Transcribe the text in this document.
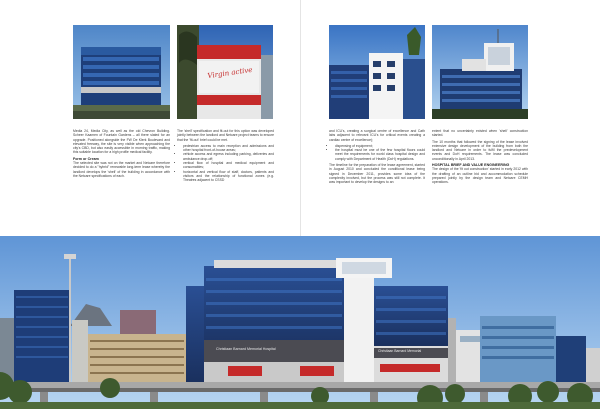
Virgin active

Media 24, Media City, as well as the old Chevron Building. Scheer Kaamen of Fountain Gardens – all there slated for an upgrade. Positioned alongside the FW De Klerk Boulevard and elevated freeway, the site is very visible when approaching the city's CBD, but also easily accessible in morning traffic, making this suitable location for a high profile medical facility.

Form or Cream

The selected site was not on the market and Netcare therefore decided to do a "hybrid" renewable long-term lease whereby the landlord develops the 'shell' of the building in accordance with the Netcare specifications of each.

The 'shell' specification and fit-out for this option was developed jointly between the landlord and Netcare project teams to ensure that the 'fit-out' brief could be met.

• pedestrian access to main reception and admissions and other hospital front-of-house areas;
• vehicle access and egress including parking, deliveries and ambulance drop-off;
• vertical flow of hospital and medical equipment and consumables;
• horizontal and vertical flow of staff, doctors, patients and visitors and the relationship of functional zones (e.g. Theatres adjacent to CSSD

and ICU's, creating a surgical centre of excellence and Cath labs adjacent to relevant ICU's for critical events creating a cardiac centre of excellence);

• dispensing of equipment;
• the hospital must be one of the few hospital floors could meet the requirements for world class hospital design and comply with Department of Health (DoH) regulations.

The timeline for the preparation of the lease agreement, started in August 2010 and concluded the conditional lease being signed in December 2011, provides some idea of the complexity involved, but the process was still not complete. It was important to develop the designs to an

extent that no uncertainty existed when 'shell' construction started.

The 10 months that followed the signing of the lease involved extensive design development of the building from both the landlord and Netcare in order to fulfil the predevelopment events and DoH requirements. The lease was concluded unconditionally in April 2013.

HOSPITAL BRIEF AND VALUE ENGINEERING

The design of the 'fit out construction' started in early 2012 with the drafting of an outline bid and accommodation schedule prepared jointly by the design team and Netcare CEMH operations.

Christiaan Barnard Memorial Hospital	Christiaan Barnard Memorial
